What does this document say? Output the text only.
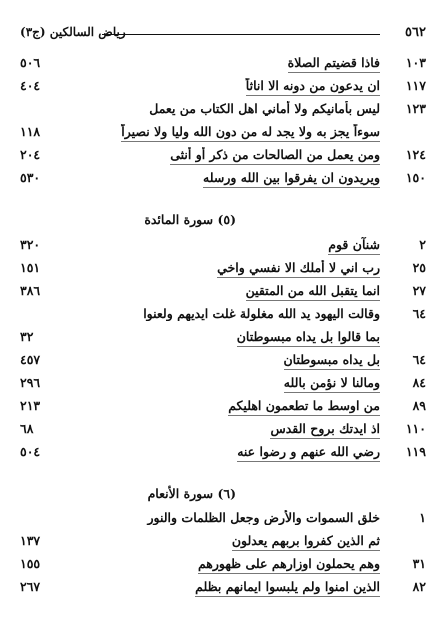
٥٦٢
رياض السالكين (ج٣)
١٠٣
فاذا قضيتم الصلاة
٥٠٦
١١٧
ان يدعون من دونه الا اناثاً
٤٠٤
١٢٣
ليس بأمانيكم ولا أماني اهل الكتاب من يعمل
سوءاً يجز به ولا يجد له من دون الله وليا ولا نصيراً
١١٨
١٢٤
ومن يعمل من الصالحات من ذكر أو أنثى
٢٠٤
١٥٠
ويريدون ان يفرقوا بين الله ورسله
٥٣٠
(٥) سورة المائدة
٢
شنآن قوم
٣٢٠
٢٥
رب اني لا أملك الا نفسي واخي
١٥١
٢٧
انما يتقبل الله من المتقين
٣٨٦
٦٤
وقالت اليهود يد الله مغلولة غلت ايديهم ولعنوا
بما قالوا بل يداه مبسوطتان
٣٢
٦٤
بل يداه مبسوطتان
٤٥٧
٨٤
ومالنا لا نؤمن بالله
٢٩٦
٨٩
من اوسط ما تطعمون اهليكم
٢١٣
١١٠
اذ ايدتك بروح القدس
٦٨
١١٩
رضي الله عنهم و رضوا عنه
٥٠٤
(٦) سورة الأنعام
١
خلق السموات والأرض وجعل الظلمات والنور
ثم الذين كفروا بربهم يعدلون
١٣٧
٣١
وهم يحملون اوزارهم على ظهورهم
١٥٥
٨٢
الذين امنوا ولم يلبسوا ايمانهم بظلم
٢٦٧
